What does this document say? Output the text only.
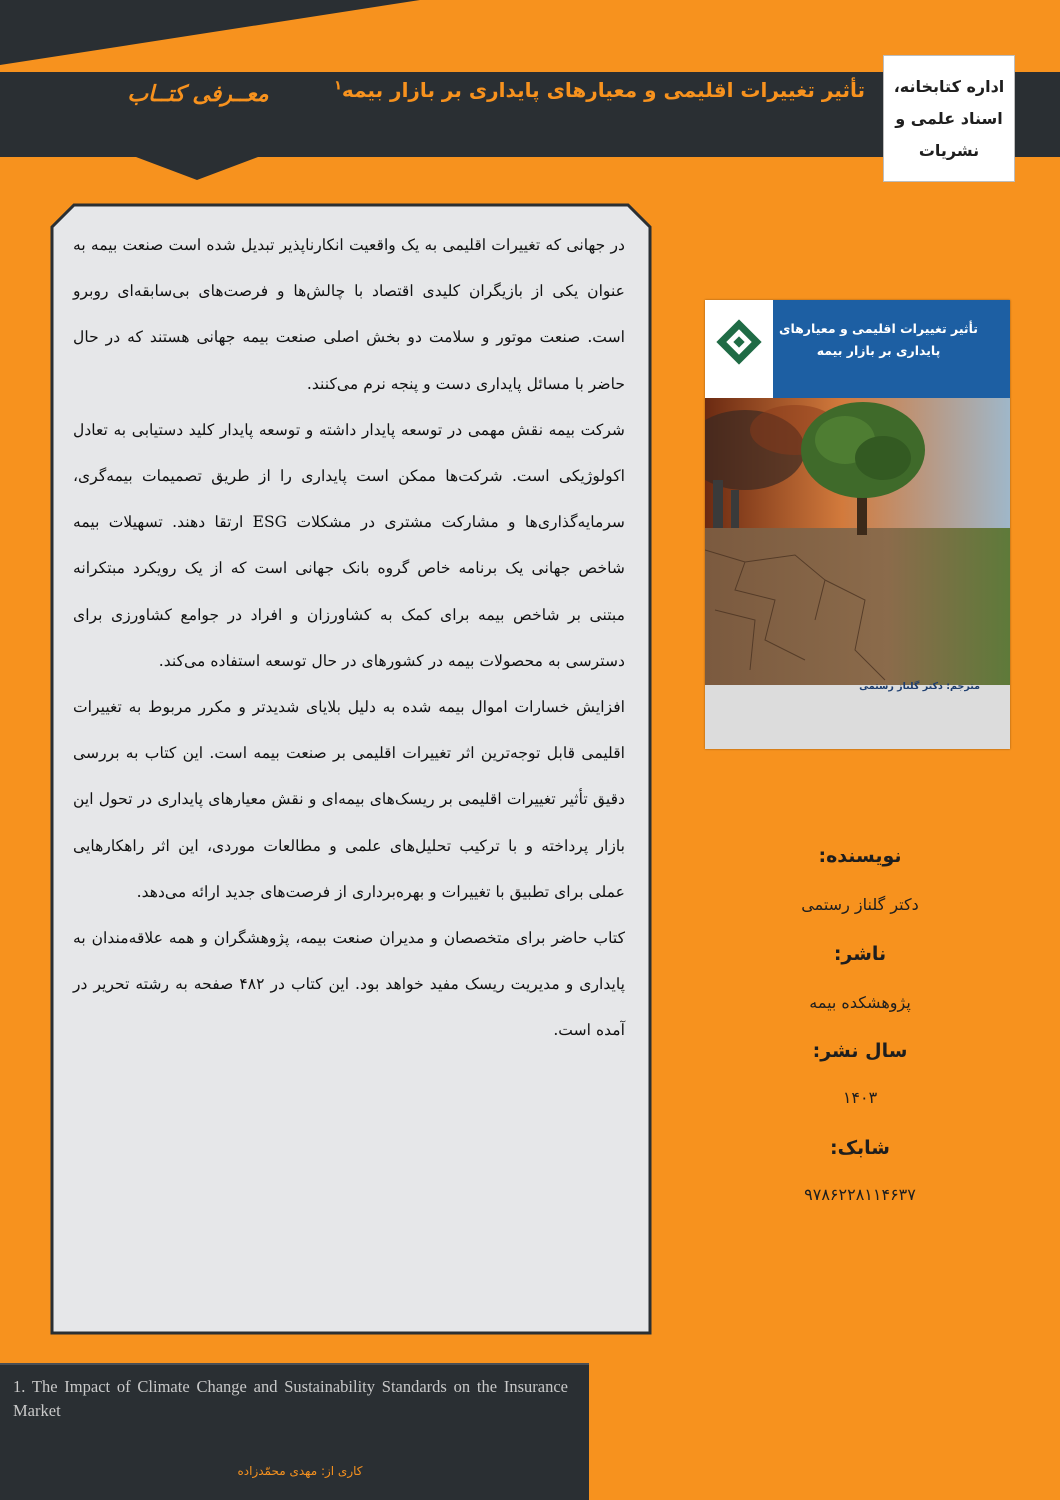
تأثیر تغییرات اقلیمی و معیارهای پایداری بر بازار بیمه$^۱$
معــرفی کتــاب	اداره کتابخانه،
اسناد علمی و
نشریات

در جهانی که تغییرات اقلیمی به یک واقعیت انکارناپذیر تبدیل شده است صنعت بیمه به عنوان یکی از بازیگران کلیدی اقتصاد با چالش‌ها و فرصت‌های بی‌سابقه‌ای روبرو است. صنعت موتور و سلامت دو بخش اصلی صنعت بیمه جهانی هستند که در حال حاضر با مسائل پایداری دست و پنجه نرم می‌کنند.

شرکت بیمه نقش مهمی در توسعه پایدار داشته و توسعه پایدار کلید دستیابی به تعادل اکولوژیکی است. شرکت‌ها ممکن است پایداری را از طریق تصمیمات بیمه‌گری، سرمایه‌گذاری‌ها و مشارکت مشتری در مشکلات ESG ارتقا دهند. تسهیلات بیمه شاخص جهانی یک برنامه خاص گروه بانک جهانی است که از یک رویکرد مبتکرانه مبتنی بر شاخص بیمه برای کمک به کشاورزان و افراد در جوامع کشاورزی برای دسترسی به محصولات بیمه در کشورهای در حال توسعه استفاده می‌کند.

افزایش خسارات اموال بیمه شده به دلیل بلایای شدیدتر و مکرر مربوط به تغییرات اقلیمی قابل توجه‌ترین اثر تغییرات اقلیمی بر صنعت بیمه است. این کتاب به بررسی دقیق تأثیر تغییرات اقلیمی بر ریسک‌های بیمه‌ای و نقش معیارهای پایداری در تحول این بازار پرداخته و با ترکیب تحلیل‌های علمی و مطالعات موردی، این اثر راهکارهایی عملی برای تطبیق با تغییرات و بهره‌برداری از فرصت‌های جدید ارائه می‌دهد.

کتاب حاضر برای متخصصان و مدیران صنعت بیمه، پژوهشگران و همه علاقه‌مندان به پایداری و مدیریت ریسک مفید خواهد بود. این کتاب در ۴۸۲ صفحه به رشته تحریر در آمده است.

تأثیر تغییرات اقلیمی و معیارهای
پایداری بر بازار بیمه
مترجم: دکتر گلناز رستمی
نویسنده:
دکتر گلناز رستمی
ناشر:
پژوهشکده بیمه
سال نشر:
۱۴۰۳
شابک:
۹۷۸۶۲۲۸۱۱۴۶۳۷
1. The Impact of Climate Change and Sustainability Standards on the Insurance Market
کاری از: مهدی محمّدزاده
